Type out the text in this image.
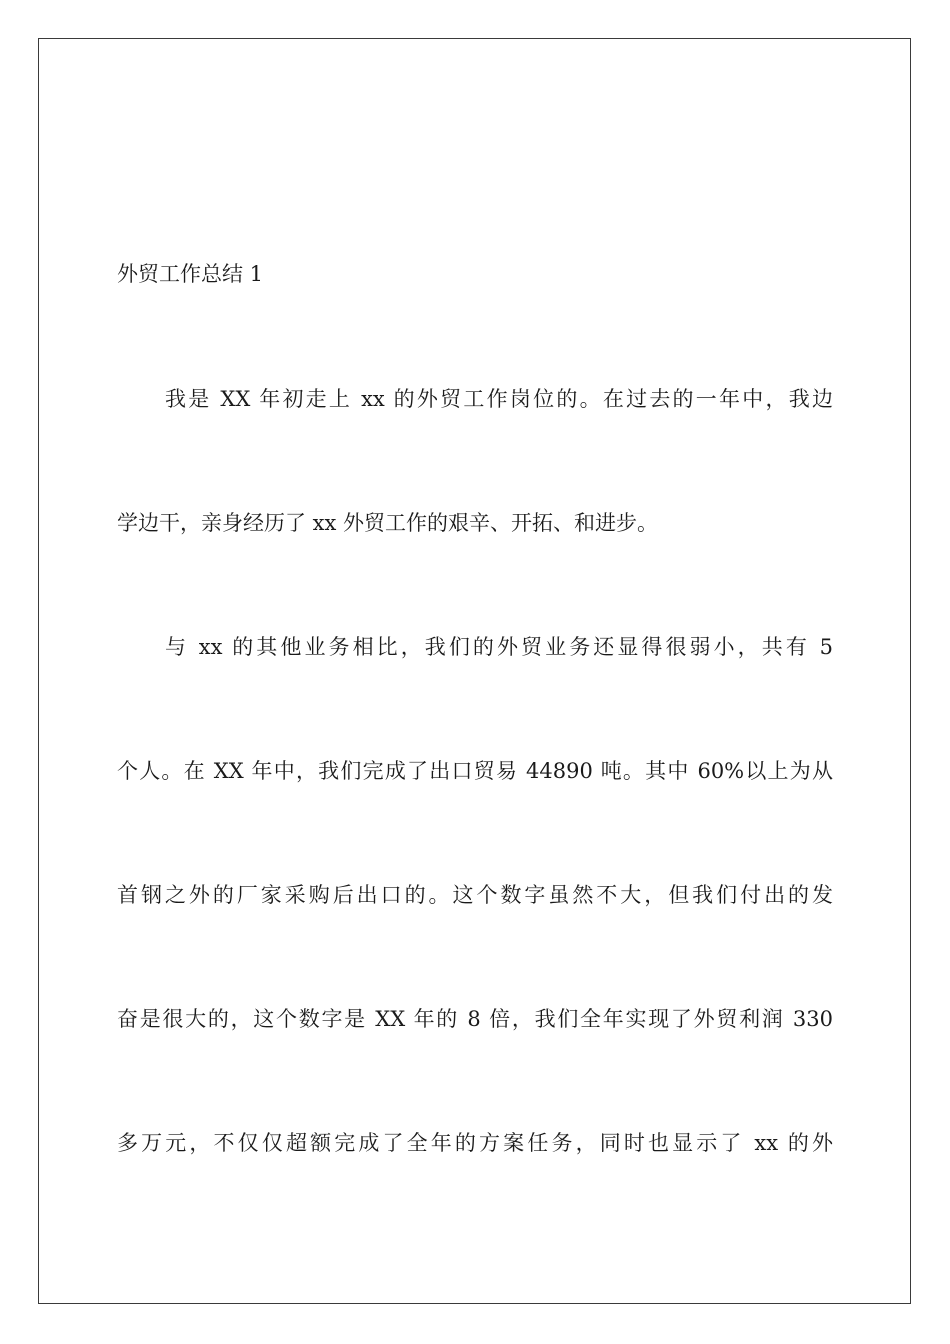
外贸工作总结 1
我是 XX 年初走上 xx 的外贸工作岗位的。在过去的一年中，我边
学边干，亲身经历了 xx 外贸工作的艰辛、开拓、和进步。
与 xx 的其他业务相比，我们的外贸业务还显得很弱小，共有 5
个人。在 XX 年中，我们完成了出口贸易 44890 吨。其中 60%以上为从
首钢之外的厂家采购后出口的。这个数字虽然不大，但我们付出的发
奋是很大的，这个数字是 XX 年的 8 倍，我们全年实现了外贸利润 330
多万元，不仅仅超额完成了全年的方案任务，同时也显示了 xx 的外
